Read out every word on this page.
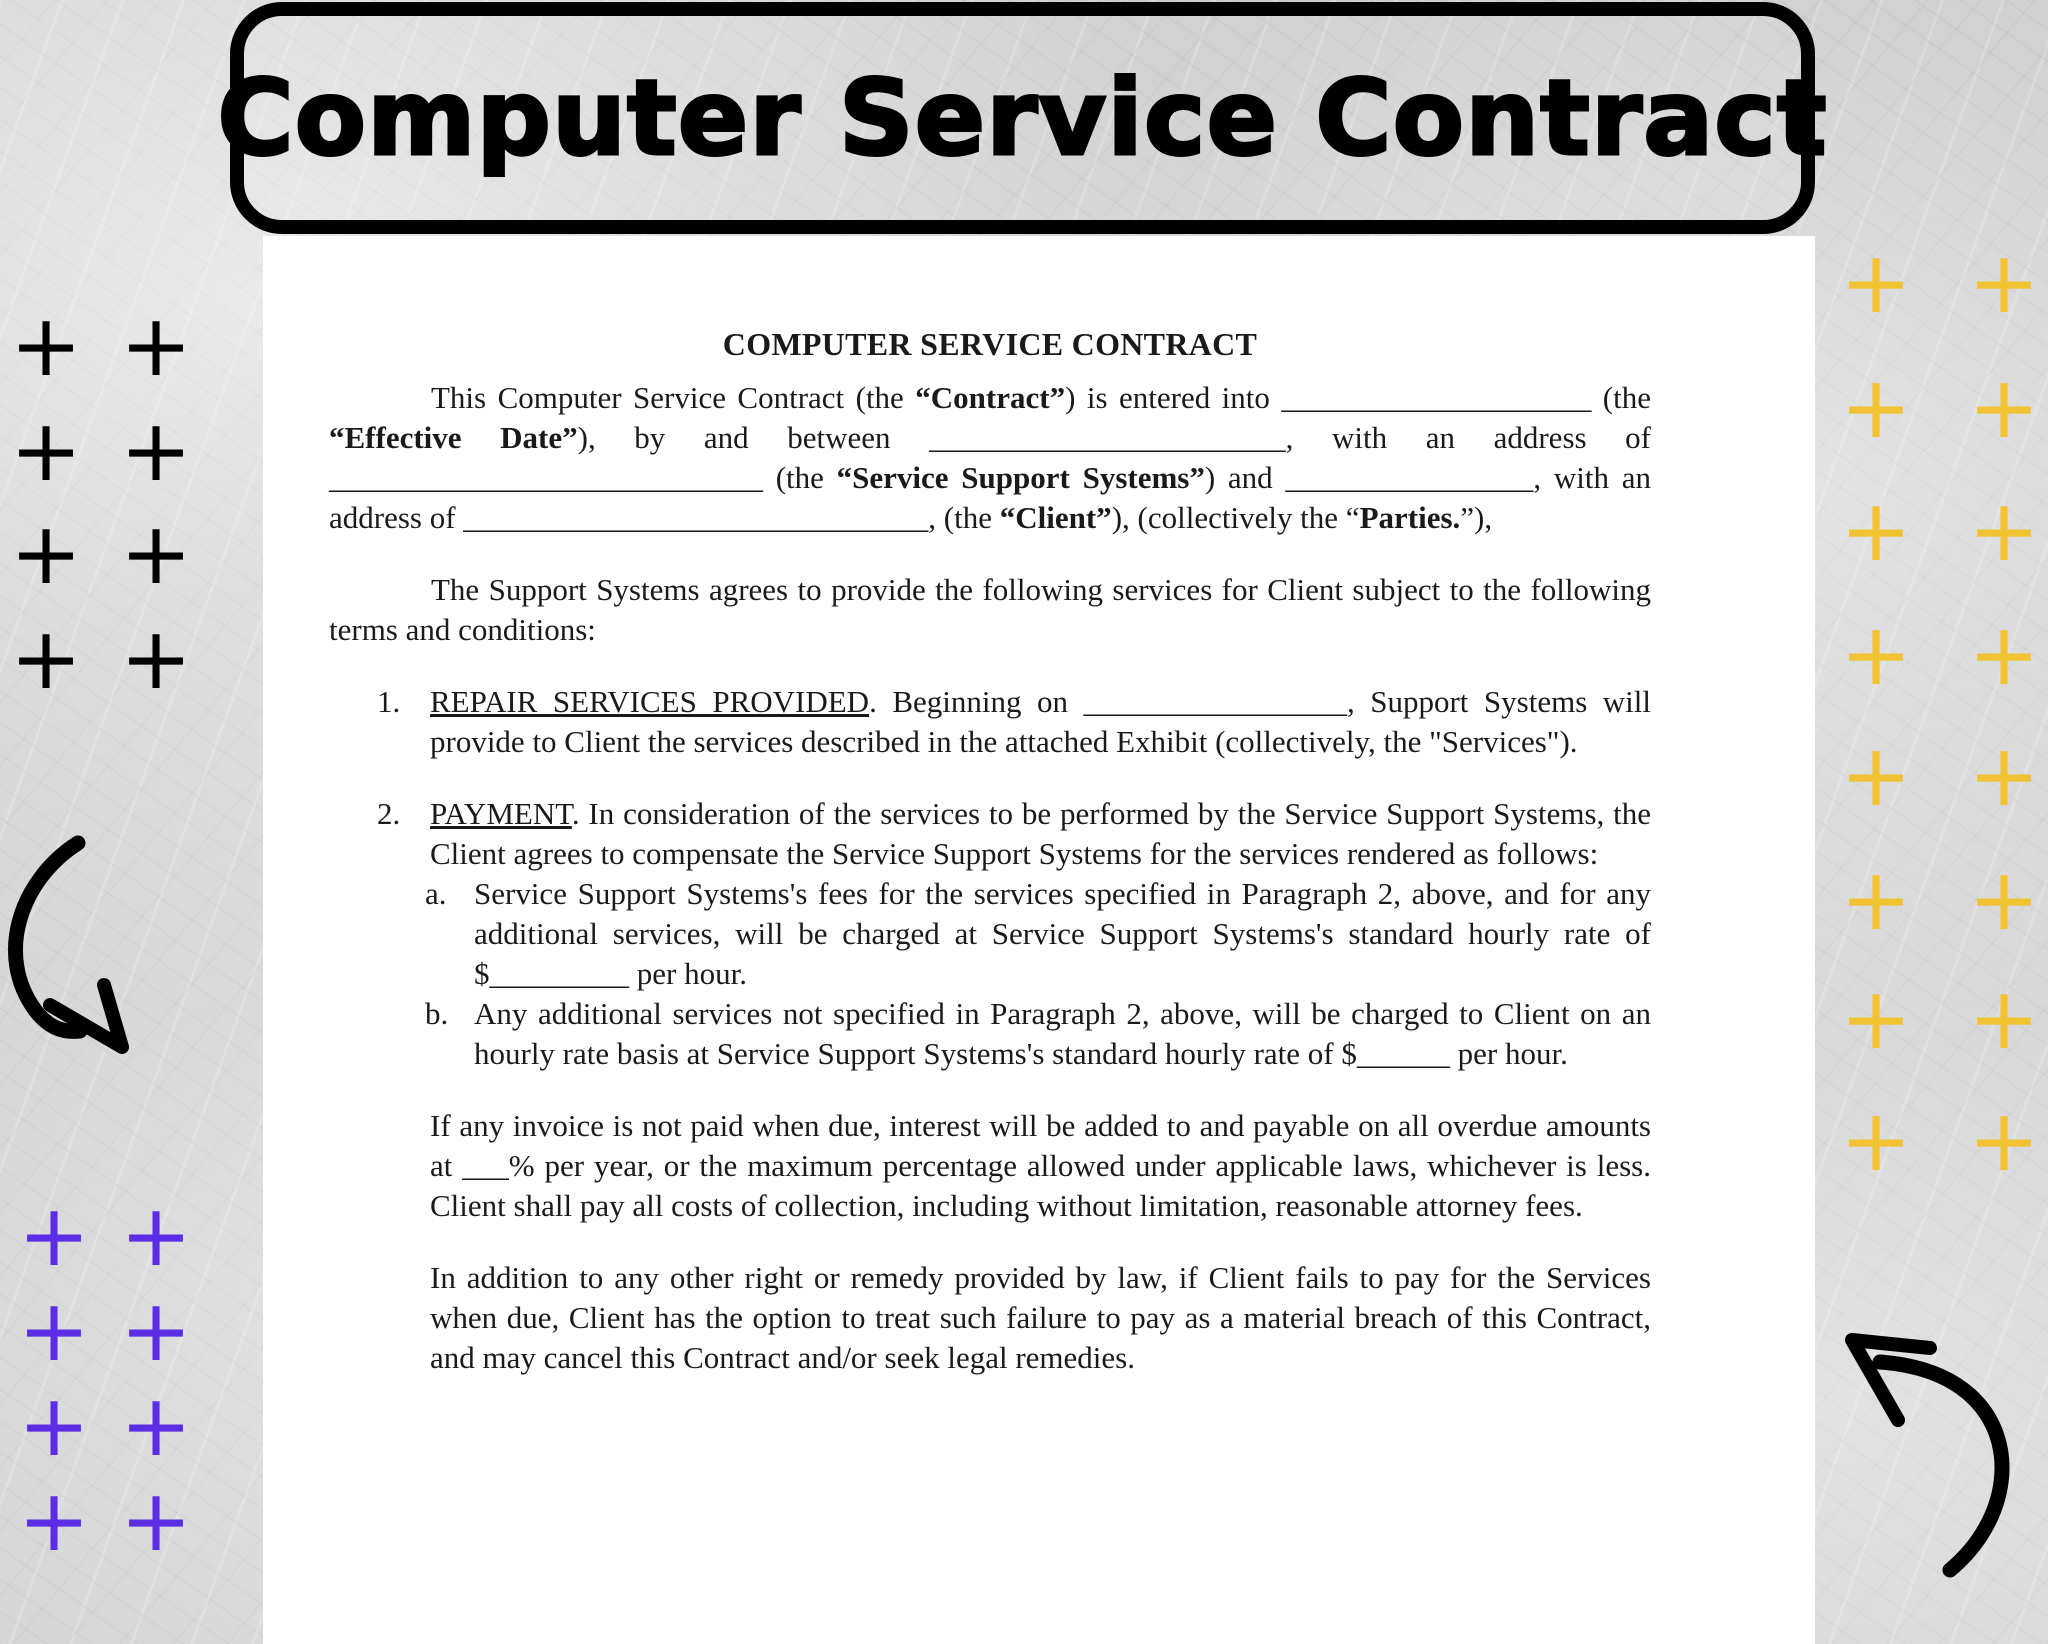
Computer Service Contract
COMPUTER SERVICE CONTRACT

This Computer Service Contract (the “Contract”) is entered into ____________________ (the “Effective Date”), by and between _______________________, with an address of ____________________________ (the “Service Support Systems”) and ________________, with an address of ______________________________, (the “Client”), (collectively the “Parties.”),

The Support Systems agrees to provide the following services for Client subject to the following terms and conditions:

1. REPAIR SERVICES PROVIDED. Beginning on _________________, Support Systems will provide to Client the services described in the attached Exhibit (collectively, the "Services").
2. PAYMENT. In consideration of the services to be performed by the Service Support Systems, the Client agrees to compensate the Service Support Systems for the services rendered as follows:
a. Service Support Systems's fees for the services specified in Paragraph 2, above, and for any additional services, will be charged at Service Support Systems's standard hourly rate of $_________ per hour.
b. Any additional services not specified in Paragraph 2, above, will be charged to Client on an hourly rate basis at Service Support Systems's standard hourly rate of $______ per hour.

If any invoice is not paid when due, interest will be added to and payable on all overdue amounts at ___% per year, or the maximum percentage allowed under applicable laws, whichever is less. Client shall pay all costs of collection, including without limitation, reasonable attorney fees.

In addition to any other right or remedy provided by law, if Client fails to pay for the Services when due, Client has the option to treat such failure to pay as a material breach of this Contract, and may cancel this Contract and/or seek legal remedies.

+ +
+ +
+ +
+ +
+ +
+ +
+ +
+ +
+ +
+ +
+ +
+ +
+ +
+ +
+ +
+ +
